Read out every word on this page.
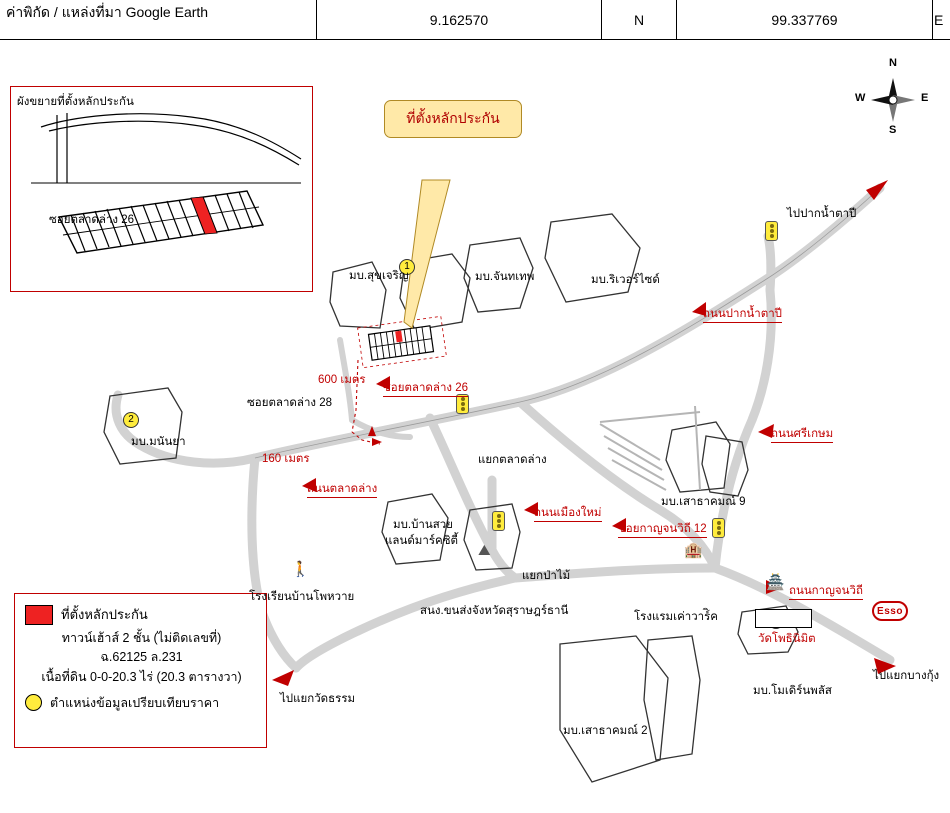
ค่าพิกัด / แหล่งที่มา Google Earth	9.162570	N	99.337769	E
ผังขยายที่ตั้งหลักประกัน
ซอยตลาดล่าง 26
ที่ตั้งหลักประกัน
N
S
E
W
1
2
🚶
⛰	🏨
🏯
Esso
ที่ตั้งหลักประกัน
ทาวน์เฮ้าส์ 2 ชั้น (ไม่ติดเลขที่)
ฉ.62125 ล.231
เนื้อที่ดิน 0-0-20.3 ไร่ (20.3 ตารางวา)
ตำแหน่งข้อมูลเปรียบเทียบราคา
ไปปากน้ำตาปี
มบ.สุขเจริญ	มบ.จันทเทพ	มบ.ริเวอร์ไซด์
ถนนปากน้ำตาปี
600 เมตร
ซอยตลาดล่าง 26
ซอยตลาดล่าง 28
ถนนศรีเกษม
มบ.มนันยา
160 เมตร	แยกตลาดล่าง
ถนนตลาดล่าง
มบ.เสาธาคมณ์ 9
ถนนเมืองใหม่
มบ.บ้านสวย	ซอยกาญจนวิถี 12
แลนด์มาร์คซิตี้
แยกป่าไม้
โรงเรียนบ้านโพหวาย	ถนนกาญจนวิถี
สนง.ขนส่งจังหวัดสุราษฎร์ธานี	โรงแรมเค่าวาร์ิค
วัดโพธินิมิต
ไปแยกบางกุ้ง
มบ.โมเดิร์นพลัส
ไปแยกวัดธรรม
มบ.เสาธาคมณ์ 2
